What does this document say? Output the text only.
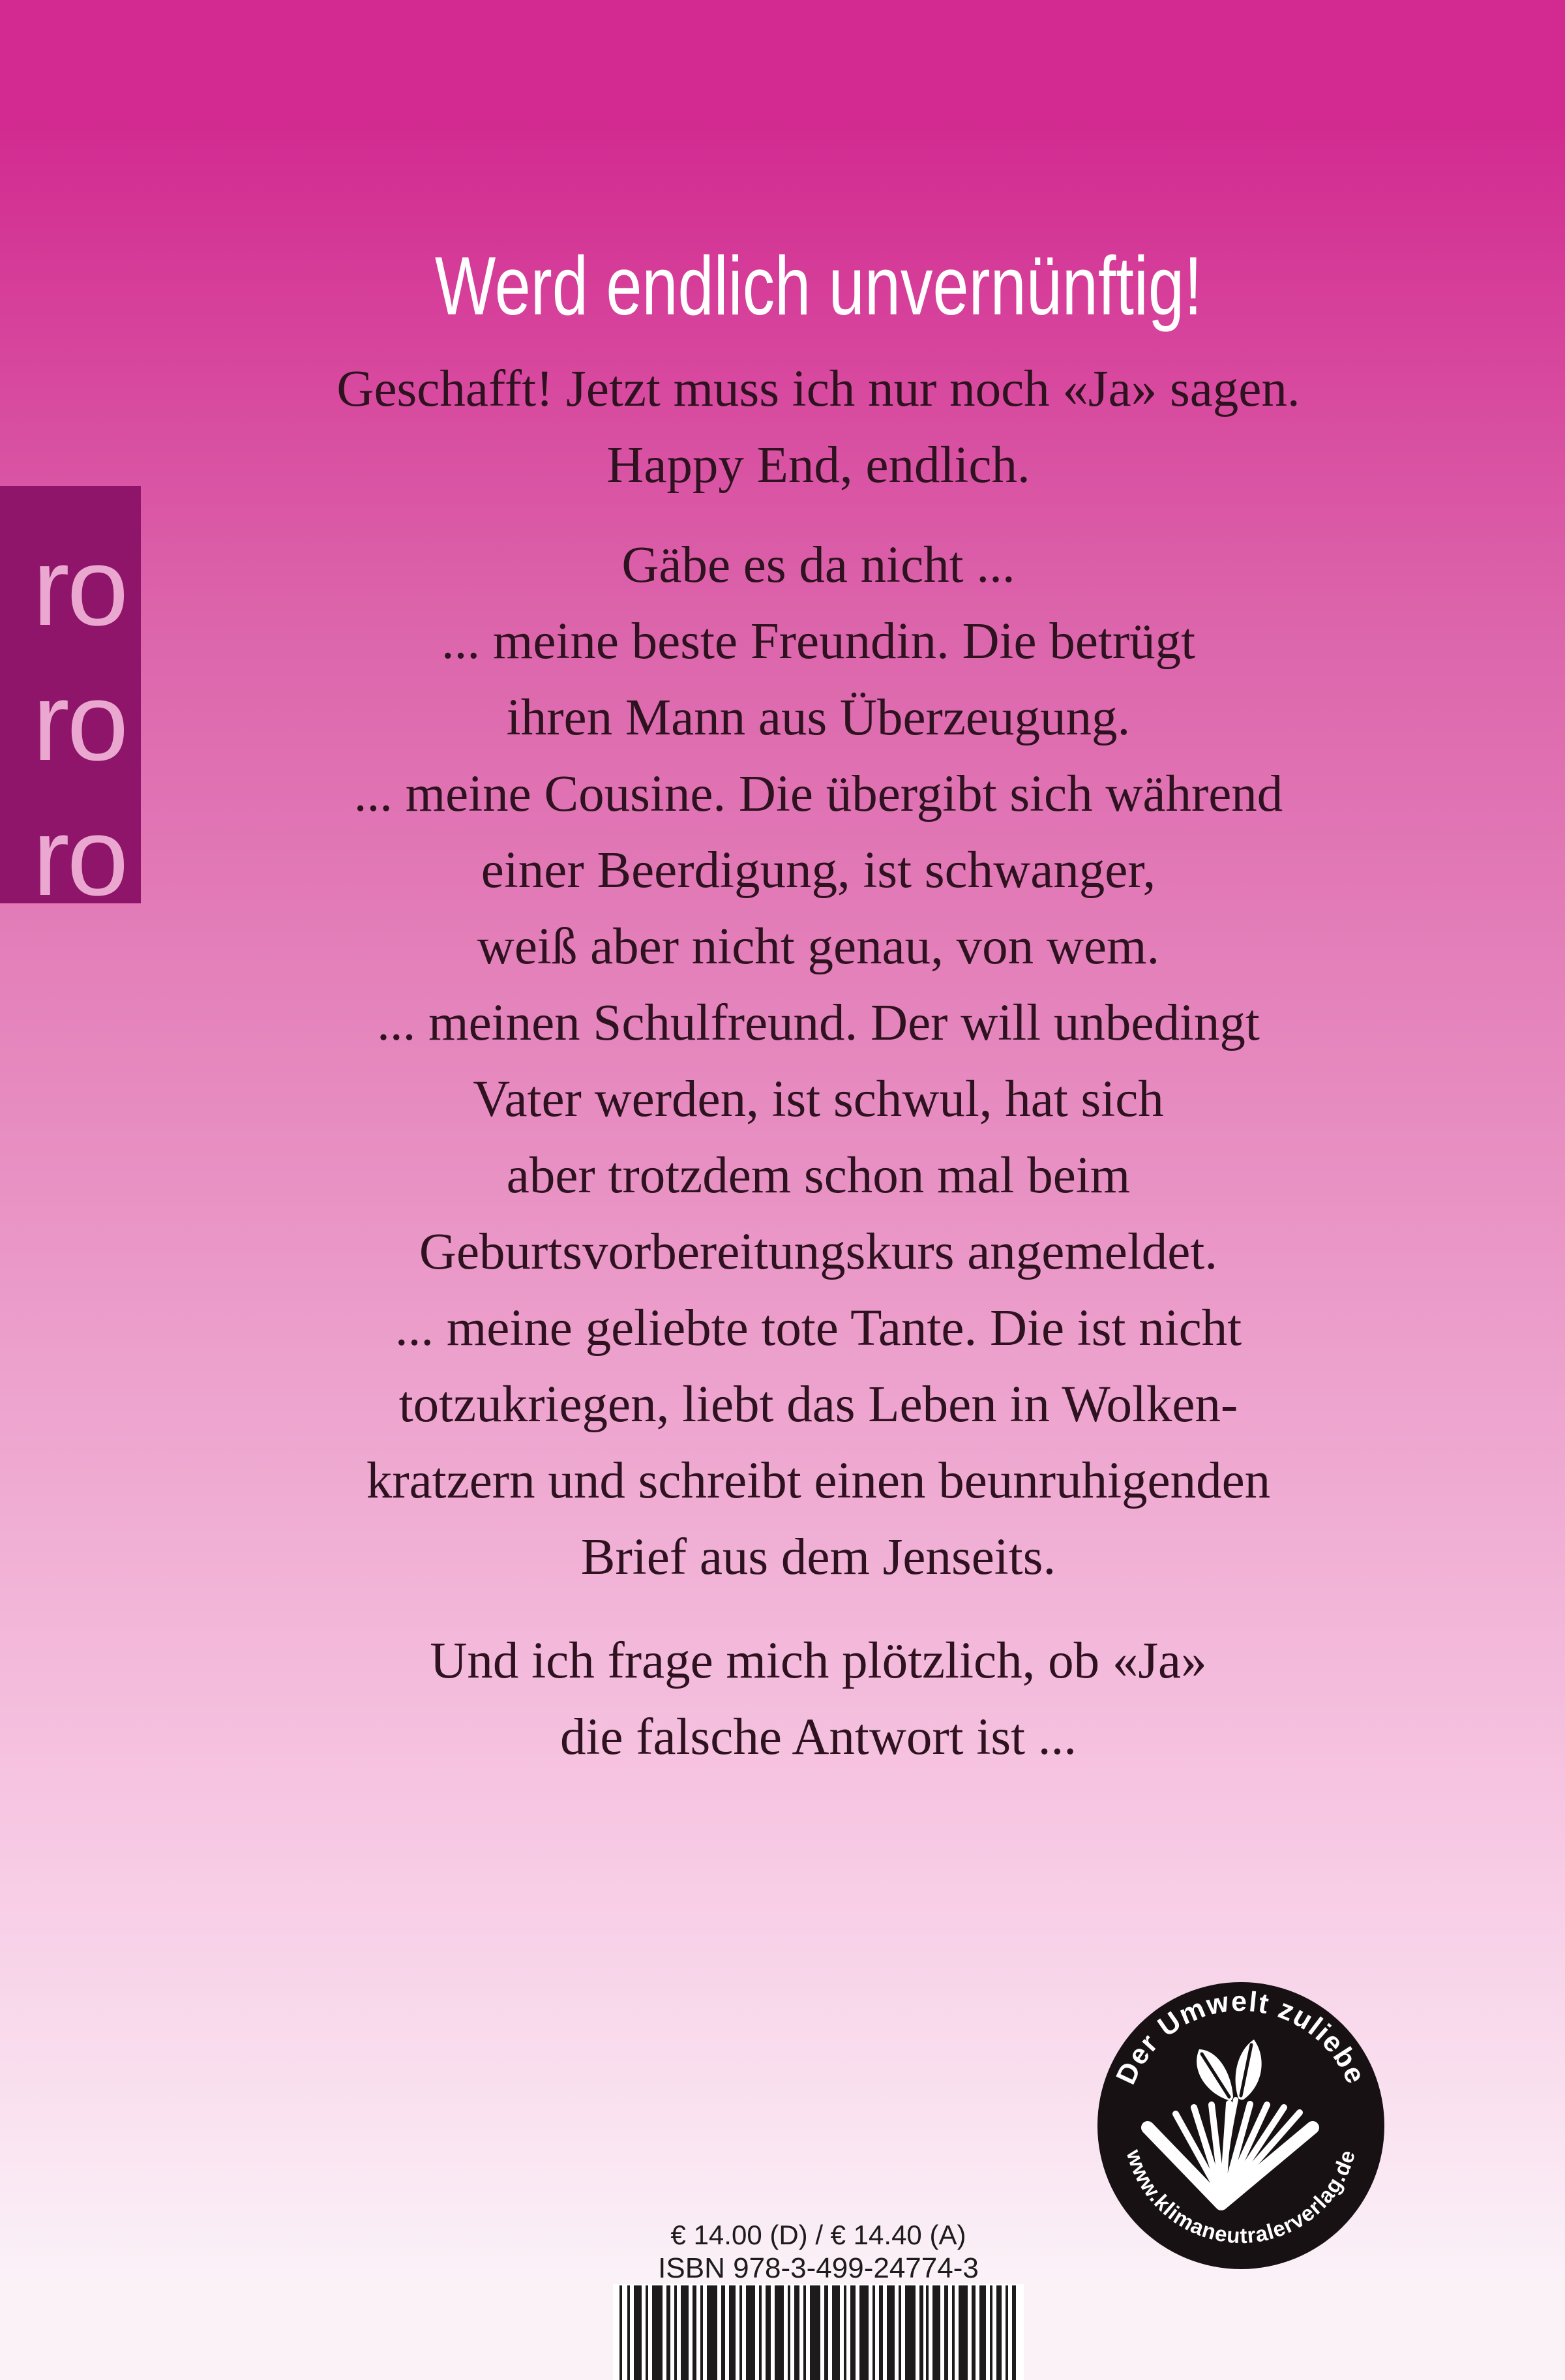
ro
ro
ro
Werd endlich unvernünftig!

Geschafft! Jetzt muss ich nur noch «Ja» sagen.
Happy End, endlich.

Gäbe es da nicht ...
... meine beste Freundin. Die betrügt
ihren Mann aus Überzeugung.
... meine Cousine. Die übergibt sich während
einer Beerdigung, ist schwanger,
weiß aber nicht genau, von wem.
... meinen Schulfreund. Der will unbedingt
Vater werden, ist schwul, hat sich
aber trotzdem schon mal beim
Geburtsvorbereitungskurs angemeldet.
... meine geliebte tote Tante. Die ist nicht
totzukriegen, liebt das Leben in Wolken-
kratzern und schreibt einen beunruhigenden
Brief aus dem Jenseits.

Und ich frage mich plötzlich, ob «Ja»
die falsche Antwort ist ...

Der Umwelt zuliebe
www.klimaneutralerverlag.de
€ 14.00 (D) / € 14.40 (A)
ISBN 978-3-499-24774-3
